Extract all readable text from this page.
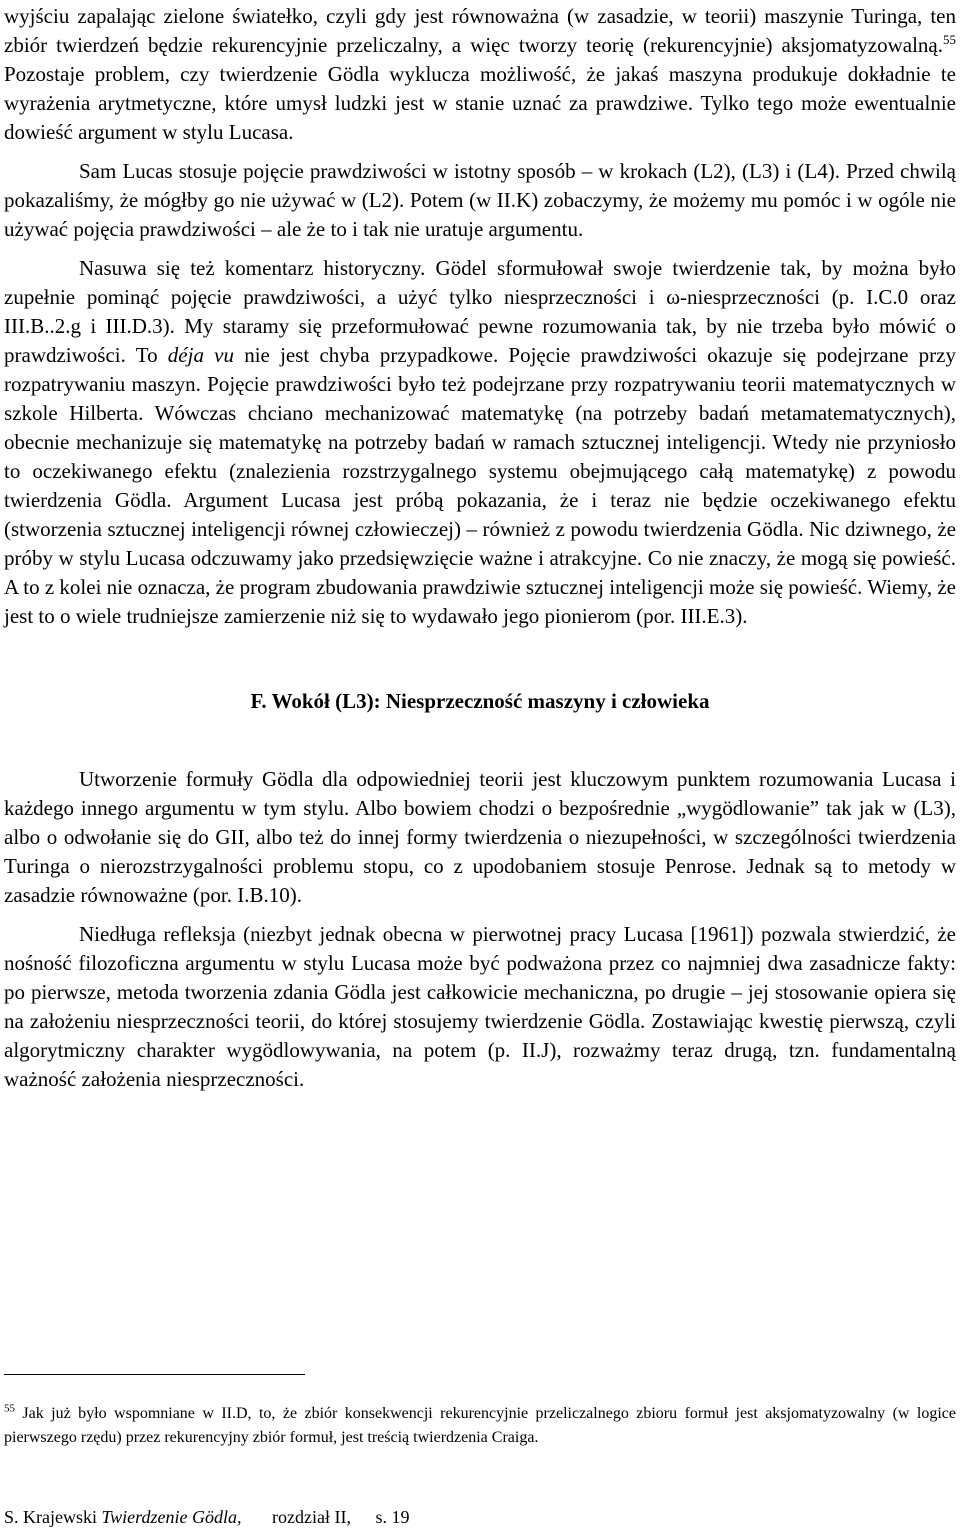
wyjściu zapalając zielone światełko, czyli gdy jest równoważna (w zasadzie, w teorii) maszynie Turinga, ten zbiór twierdzeń będzie rekurencyjnie przeliczalny, a więc tworzy teorię (rekurencyjnie) aksjomatyzowalną.$^{55}$ Pozostaje problem, czy twierdzenie Gödla wyklucza możliwość, że jakaś maszyna produkuje dokładnie te wyrażenia arytmetyczne, które umysł ludzki jest w stanie uznać za prawdziwe. Tylko tego może ewentualnie dowieść argument w stylu Lucasa.

Sam Lucas stosuje pojęcie prawdziwości w istotny sposób – w krokach (L2), (L3) i (L4). Przed chwilą pokazaliśmy, że mógłby go nie używać w (L2). Potem (w II.K) zobaczymy, że możemy mu pomóc i w ogóle nie używać pojęcia prawdziwości – ale że to i tak nie uratuje argumentu.

Nasuwa się też komentarz historyczny. Gödel sformułował swoje twierdzenie tak, by można było zupełnie pominąć pojęcie prawdziwości, a użyć tylko niesprzeczności i ω-niesprzeczności (p. I.C.0 oraz III.B..2.g i III.D.3). My staramy się przeformułować pewne rozumowania tak, by nie trzeba było mówić o prawdziwości. To déja vu nie jest chyba przypadkowe. Pojęcie prawdziwości okazuje się podejrzane przy rozpatrywaniu maszyn. Pojęcie prawdziwości było też podejrzane przy rozpatrywaniu teorii matematycznych w szkole Hilberta. Wówczas chciano mechanizować matematykę (na potrzeby badań metamatematycznych), obecnie mechanizuje się matematykę na potrzeby badań w ramach sztucznej inteligencji. Wtedy nie przyniosło to oczekiwanego efektu (znalezienia rozstrzygalnego systemu obejmującego całą matematykę) z powodu twierdzenia Gödla. Argument Lucasa jest próbą pokazania, że i teraz nie będzie oczekiwanego efektu (stworzenia sztucznej inteligencji równej człowieczej) – również z powodu twierdzenia Gödla. Nic dziwnego, że próby w stylu Lucasa odczuwamy jako przedsięwzięcie ważne i atrakcyjne. Co nie znaczy, że mogą się powieść. A to z kolei nie oznacza, że program zbudowania prawdziwie sztucznej inteligencji może się powieść. Wiemy, że jest to o wiele trudniejsze zamierzenie niż się to wydawało jego pionierom (por. III.E.3).

F. Wokół (L3): Niesprzeczność maszyny i człowieka

Utworzenie formuły Gödla dla odpowiedniej teorii jest kluczowym punktem rozumowania Lucasa i każdego innego argumentu w tym stylu. Albo bowiem chodzi o bezpośrednie „wygödlowanie” tak jak w (L3), albo o odwołanie się do GII, albo też do innej formy twierdzenia o niezupełności, w szczególności twierdzenia Turinga o nierozstrzygalności problemu stopu, co z upodobaniem stosuje Penrose. Jednak są to metody w zasadzie równoważne (por. I.B.10).

Niedługa refleksja (niezbyt jednak obecna w pierwotnej pracy Lucasa [1961]) pozwala stwierdzić, że nośność filozoficzna argumentu w stylu Lucasa może być podważona przez co najmniej dwa zasadnicze fakty: po pierwsze, metoda tworzenia zdania Gödla jest całkowicie mechaniczna, po drugie – jej stosowanie opiera się na założeniu niesprzeczności teorii, do której stosujemy twierdzenie Gödla. Zostawiając kwestię pierwszą, czyli algorytmiczny charakter wygödlowywania, na potem (p. II.J), rozważmy teraz drugą, tzn. fundamentalną ważność założenia niesprzeczności.

$^{55}$ Jak już było wspomniane w II.D, to, że zbiór konsekwencji rekurencyjnie przeliczalnego zbioru formuł jest aksjomatyzowalny (w logice pierwszego rzędu) przez rekurencyjny zbiór formuł, jest treścią twierdzenia Craiga.

S. Krajewski Twierdzenie Gödla, rozdział II, s. 19
